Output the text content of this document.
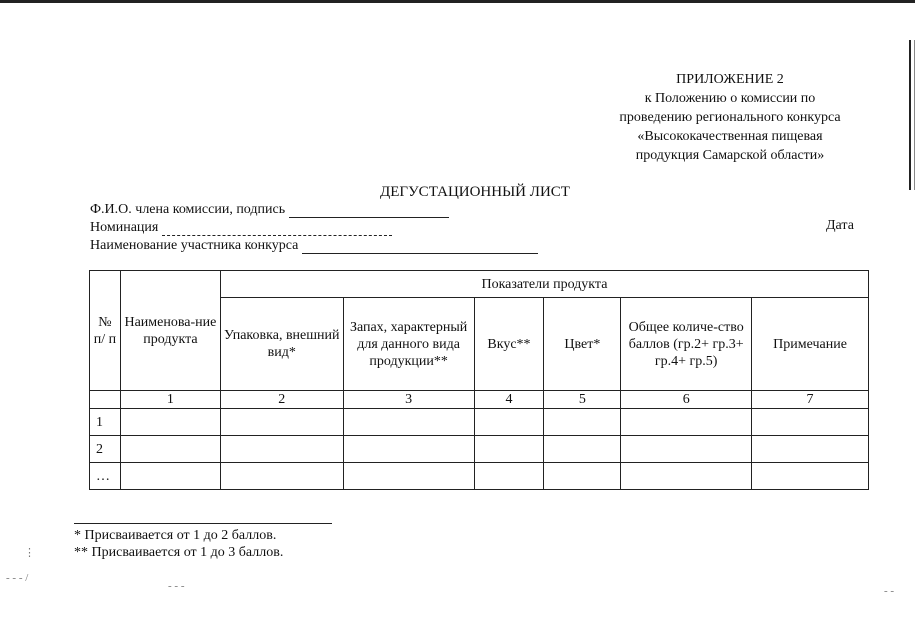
ПРИЛОЖЕНИЕ 2
к Положению о комиссии по
проведению регионального конкурса
«Высококачественная пищевая
продукция Самарской области»
ДЕГУСТАЦИОННЫЙ ЛИСТ
Ф.И.О. члена комиссии, подпись
Номинация
Наименование участника конкурса
Дата
№ п/ п	Наименова-ние продукта	Показатели продукта					
		Упаковка, внешний вид*	Запах, характерный для данного вида продукции**	Вкус**	Цвет*	Общее количе-ство баллов (гр.2+ гр.3+ гр.4+ гр.5)	Примечание
	1	2	3	4	5	6	7
1							
2							
…							
* Присваивается от 1 до 2 баллов.
** Присваивается от 1 до 3 баллов.
⋮
- - - /
- - -	- -
